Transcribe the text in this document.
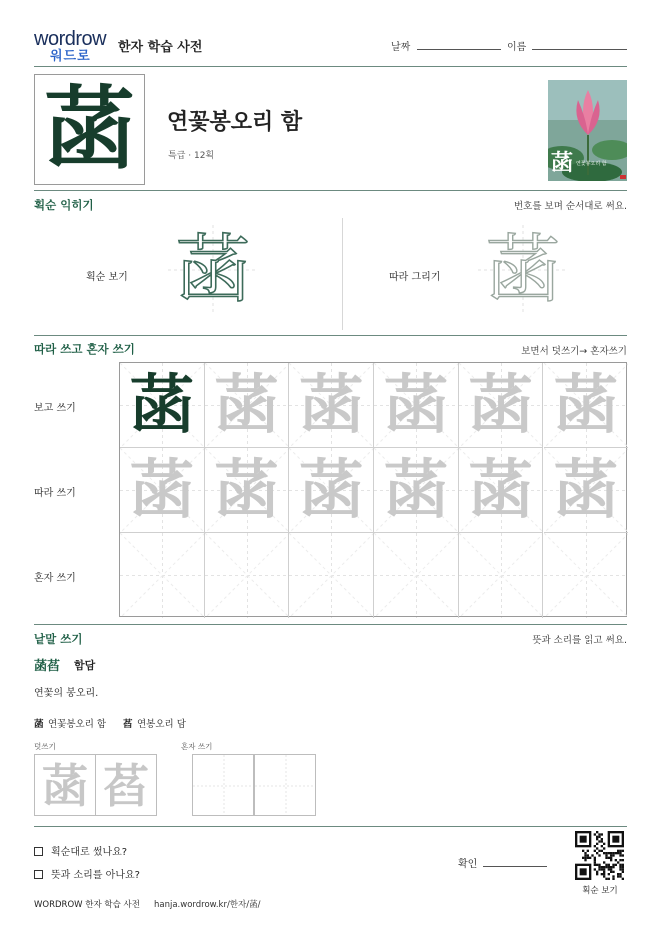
wordrow
워드로
한자 학습 사전	날짜	이름
菡	연꽃봉오리 함
특급 · 12획	菡 연꽃봉오리 함
획순 익히기	번호를 보며 순서대로 써요.
획순 보기 菡	따라 그리기 菡
따라 쓰고 혼자 쓰기	보면서 덧쓰기→ 혼자쓰기
보고 쓰기
따라 쓰기
혼자 쓰기
菡 菡 菡 菡 菡 菡
菡 菡 菡 菡 菡 菡
낱말 쓰기	뜻과 소리를 읽고 써요.
菡萏 함담
연꽃의 봉오리.
菡 연꽃봉오리 함 萏 연봉오리 담
덧쓰기	혼자 쓰기
菡 萏
획순대로 썼나요?
뜻과 소리를 아나요?
확인
획순 보기
WORDROW 한자 학습 사전 hanja.wordrow.kr/한자/菡/
